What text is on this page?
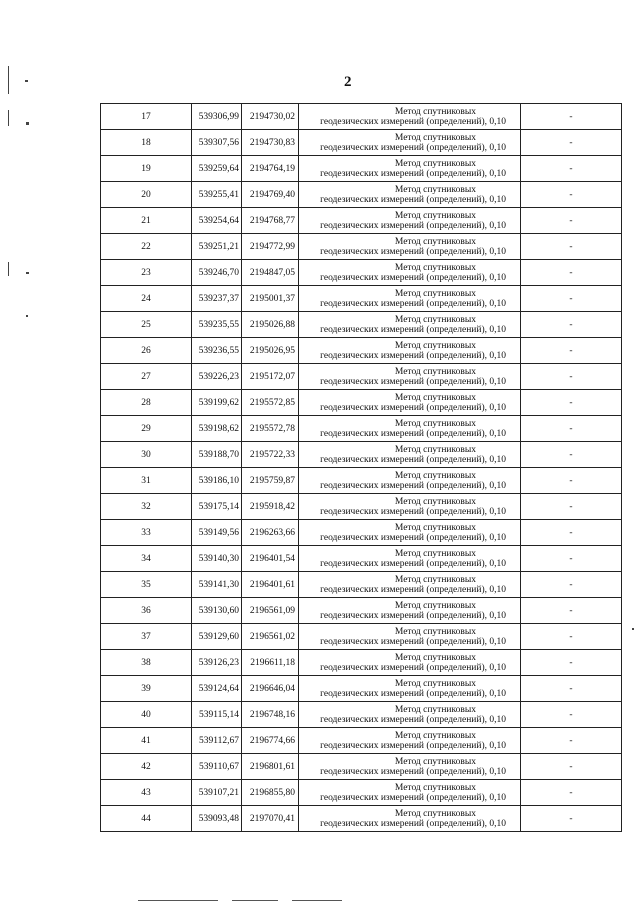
2
17	539306,99	2194730,02	Метод спутниковых
геодезических измерений (определений), 0,10	-
18	539307,56	2194730,83	Метод спутниковых
геодезических измерений (определений), 0,10	-
19	539259,64	2194764,19	Метод спутниковых
геодезических измерений (определений), 0,10	-
20	539255,41	2194769,40	Метод спутниковых
геодезических измерений (определений), 0,10	-
21	539254,64	2194768,77	Метод спутниковых
геодезических измерений (определений), 0,10	-
22	539251,21	2194772,99	Метод спутниковых
геодезических измерений (определений), 0,10	-
23	539246,70	2194847,05	Метод спутниковых
геодезических измерений (определений), 0,10	-
24	539237,37	2195001,37	Метод спутниковых
геодезических измерений (определений), 0,10	-
25	539235,55	2195026,88	Метод спутниковых
геодезических измерений (определений), 0,10	-
26	539236,55	2195026,95	Метод спутниковых
геодезических измерений (определений), 0,10	-
27	539226,23	2195172,07	Метод спутниковых
геодезических измерений (определений), 0,10	-
28	539199,62	2195572,85	Метод спутниковых
геодезических измерений (определений), 0,10	-
29	539198,62	2195572,78	Метод спутниковых
геодезических измерений (определений), 0,10	-
30	539188,70	2195722,33	Метод спутниковых
геодезических измерений (определений), 0,10	-
31	539186,10	2195759,87	Метод спутниковых
геодезических измерений (определений), 0,10	-
32	539175,14	2195918,42	Метод спутниковых
геодезических измерений (определений), 0,10	-
33	539149,56	2196263,66	Метод спутниковых
геодезических измерений (определений), 0,10	-
34	539140,30	2196401,54	Метод спутниковых
геодезических измерений (определений), 0,10	-
35	539141,30	2196401,61	Метод спутниковых
геодезических измерений (определений), 0,10	-
36	539130,60	2196561,09	Метод спутниковых
геодезических измерений (определений), 0,10	-
37	539129,60	2196561,02	Метод спутниковых
геодезических измерений (определений), 0,10	-
38	539126,23	2196611,18	Метод спутниковых
геодезических измерений (определений), 0,10	-
39	539124,64	2196646,04	Метод спутниковых
геодезических измерений (определений), 0,10	-
40	539115,14	2196748,16	Метод спутниковых
геодезических измерений (определений), 0,10	-
41	539112,67	2196774,66	Метод спутниковых
геодезических измерений (определений), 0,10	-
42	539110,67	2196801,61	Метод спутниковых
геодезических измерений (определений), 0,10	-
43	539107,21	2196855,80	Метод спутниковых
геодезических измерений (определений), 0,10	-
44	539093,48	2197070,41	Метод спутниковых
геодезических измерений (определений), 0,10	-
